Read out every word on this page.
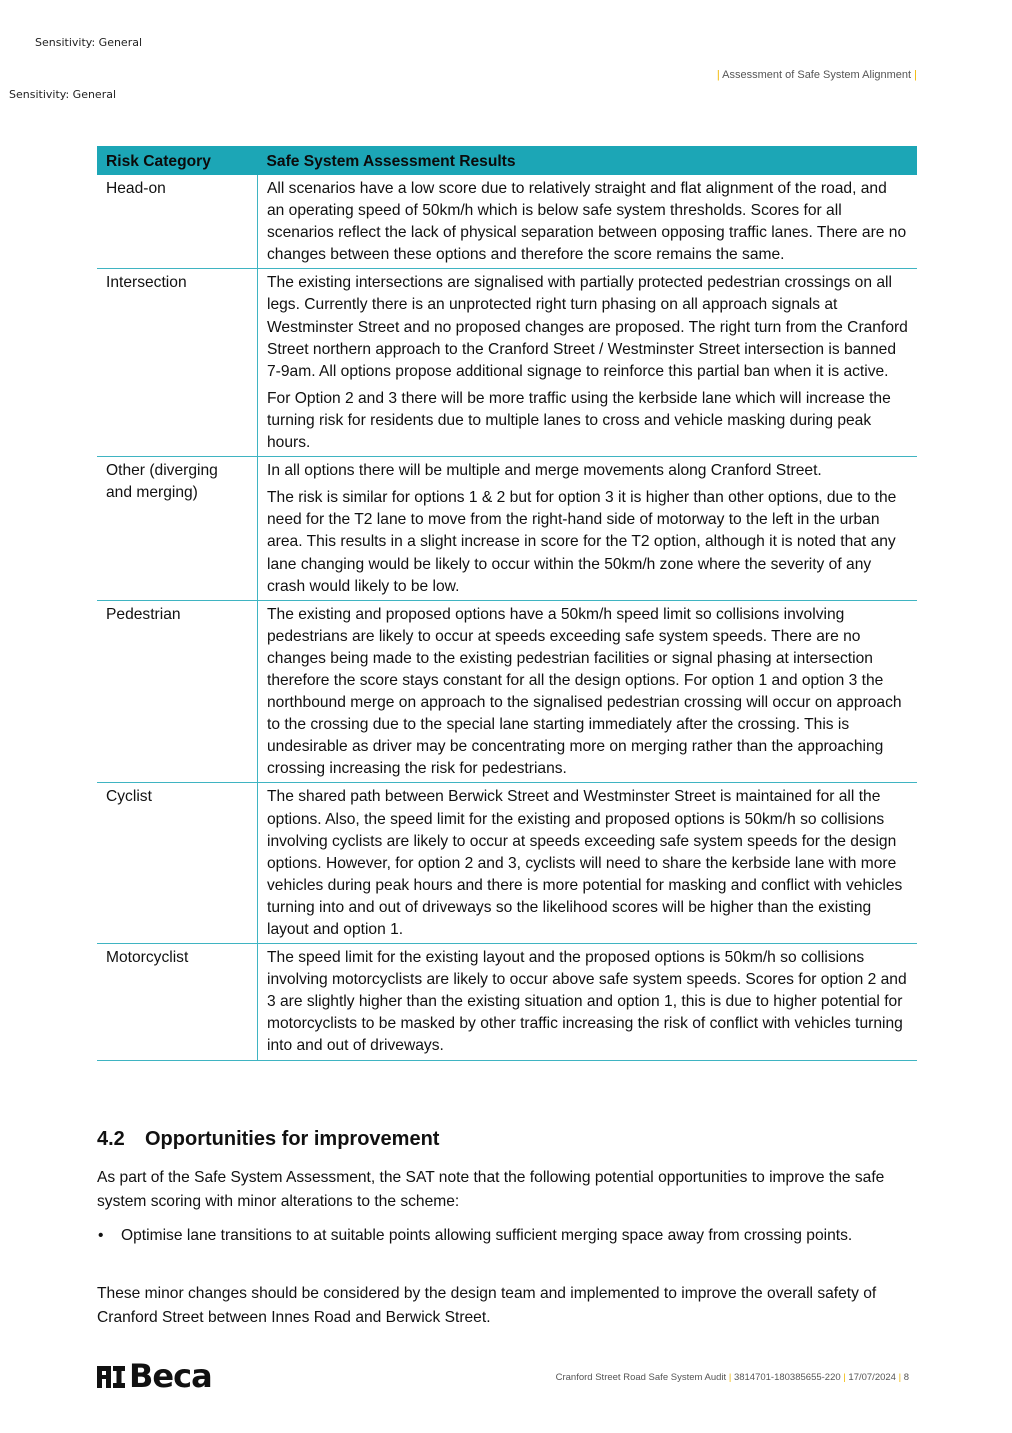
Sensitivity: General
Sensitivity: General
| Assessment of Safe System Alignment |
Risk Category	Safe System Assessment Results
Head-on	All scenarios have a low score due to relatively straight and flat alignment of the road, and an operating speed of 50km/h which is below safe system thresholds. Scores for all scenarios reflect the lack of physical separation between opposing traffic lanes. There are no changes between these options and therefore the score remains the same.

Intersection	The existing intersections are signalised with partially protected pedestrian crossings on all legs. Currently there is an unprotected right turn phasing on all approach signals at Westminster Street and no proposed changes are proposed. The right turn from the Cranford Street northern approach to the Cranford Street / Westminster Street intersection is banned 7-9am. All options propose additional signage to reinforce this partial ban when it is active.

For Option 2 and 3 there will be more traffic using the kerbside lane which will increase the turning risk for residents due to multiple lanes to cross and vehicle masking during peak hours.

Other (diverging and merging)	In all options there will be multiple and merge movements along Cranford Street.

The risk is similar for options 1 & 2 but for option 3 it is higher than other options, due to the need for the T2 lane to move from the right-hand side of motorway to the left in the urban area. This results in a slight increase in score for the T2 option, although it is noted that any lane changing would be likely to occur within the 50km/h zone where the severity of any crash would likely to be low.

Pedestrian	The existing and proposed options have a 50km/h speed limit so collisions involving pedestrians are likely to occur at speeds exceeding safe system speeds. There are no changes being made to the existing pedestrian facilities or signal phasing at intersection therefore the score stays constant for all the design options. For option 1 and option 3 the northbound merge on approach to the signalised pedestrian crossing will occur on approach to the crossing due to the special lane starting immediately after the crossing. This is undesirable as driver may be concentrating more on merging rather than the approaching crossing increasing the risk for pedestrians.

Cyclist	The shared path between Berwick Street and Westminster Street is maintained for all the options. Also, the speed limit for the existing and proposed options is 50km/h so collisions involving cyclists are likely to occur at speeds exceeding safe system speeds for the design options. However, for option 2 and 3, cyclists will need to share the kerbside lane with more vehicles during peak hours and there is more potential for masking and conflict with vehicles turning into and out of driveways so the likelihood scores will be higher than the existing layout and option 1.

Motorcyclist	The speed limit for the existing layout and the proposed options is 50km/h so collisions involving motorcyclists are likely to occur above safe system speeds. Scores for option 2 and 3 are slightly higher than the existing situation and option 1, this is due to higher potential for motorcyclists to be masked by other traffic increasing the risk of conflict with vehicles turning into and out of driveways.

4.2 Opportunities for improvement

As part of the Safe System Assessment, the SAT note that the following potential opportunities to improve the safe system scoring with minor alterations to the scheme:

• Optimise lane transitions to at suitable points allowing sufficient merging space away from crossing points.

These minor changes should be considered by the design team and implemented to improve the overall safety of Cranford Street between Innes Road and Berwick Street.

Beca	Cranford Street Road Safe System Audit | 3814701-180385655-220 | 17/07/2024 | 8
